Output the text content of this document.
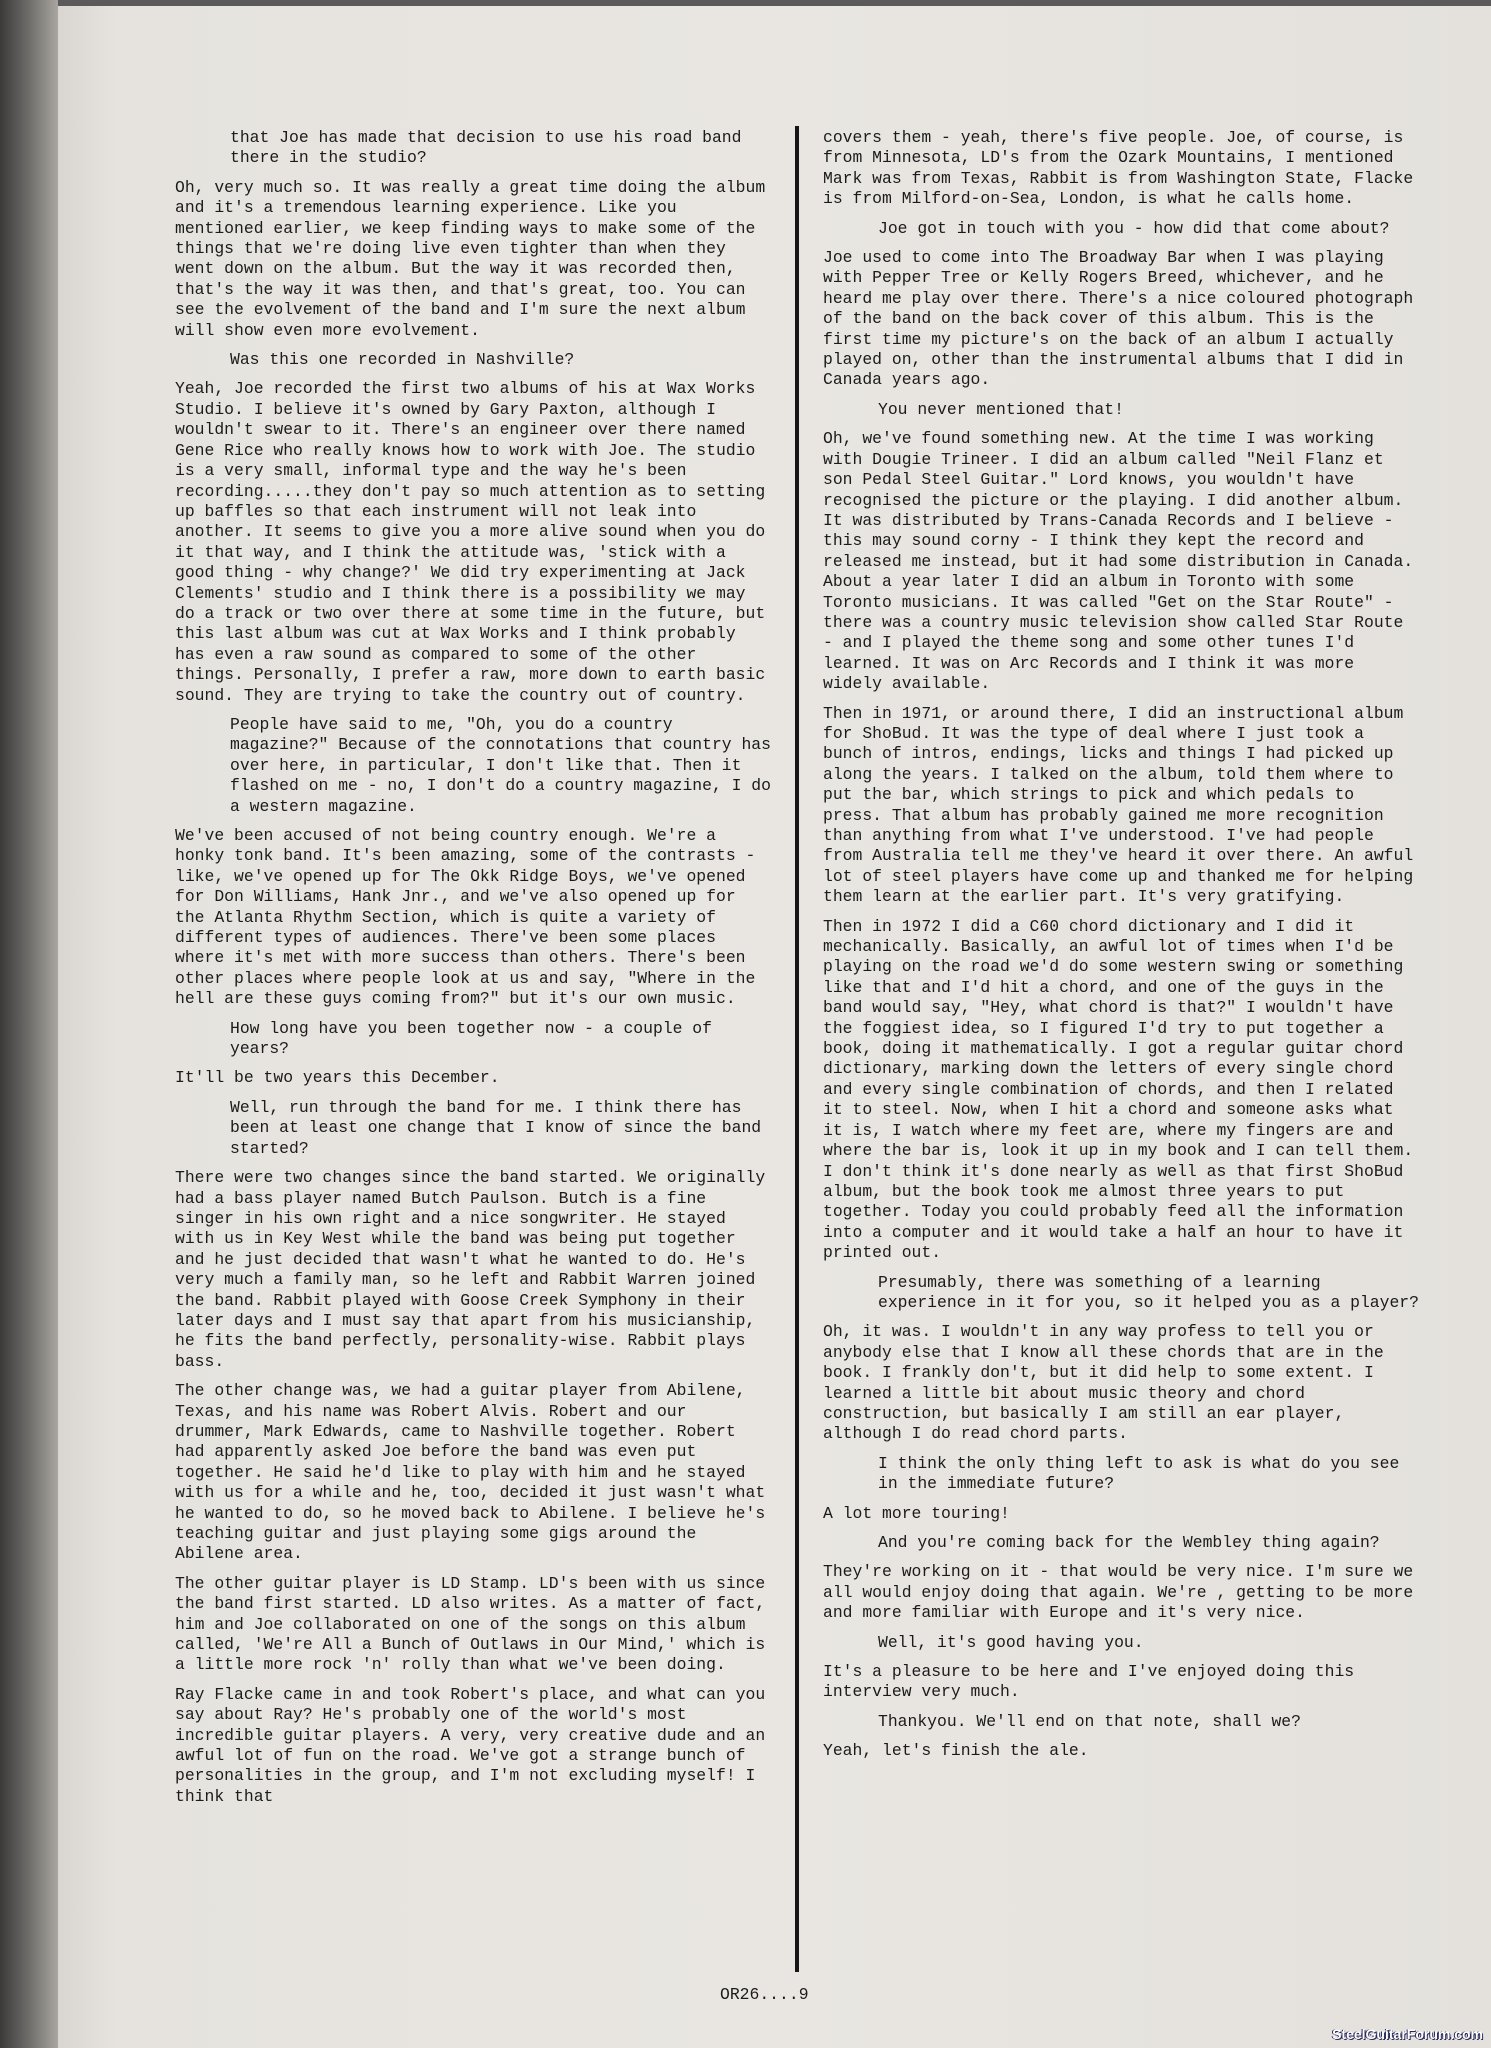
that Joe has made that decision to use his road band there in the studio?

Oh, very much so. It was really a great time doing the album and it's a tremendous learning experience. Like you mentioned earlier, we keep finding ways to make some of the things that we're doing live even tighter than when they went down on the album. But the way it was recorded then, that's the way it was then, and that's great, too. You can see the evolvement of the band and I'm sure the next album will show even more evolvement.

Was this one recorded in Nashville?

Yeah, Joe recorded the first two albums of his at Wax Works Studio. I believe it's owned by Gary Paxton, although I wouldn't swear to it. There's an engineer over there named Gene Rice who really knows how to work with Joe. The studio is a very small, informal type and the way he's been recording.....they don't pay so much attention as to setting up baffles so that each instrument will not leak into another. It seems to give you a more alive sound when you do it that way, and I think the attitude was, 'stick with a good thing - why change?' We did try experimenting at Jack Clements' studio and I think there is a possibility we may do a track or two over there at some time in the future, but this last album was cut at Wax Works and I think probably has even a raw sound as compared to some of the other things. Personally, I prefer a raw, more down to earth basic sound. They are trying to take the country out of country.

People have said to me, "Oh, you do a country magazine?" Because of the connotations that country has over here, in particular, I don't like that. Then it flashed on me - no, I don't do a country magazine, I do a western magazine.

We've been accused of not being country enough. We're a honky tonk band. It's been amazing, some of the contrasts - like, we've opened up for The Okk Ridge Boys, we've opened for Don Williams, Hank Jnr., and we've also opened up for the Atlanta Rhythm Section, which is quite a variety of different types of audiences. There've been some places where it's met with more success than others. There's been other places where people look at us and say, "Where in the hell are these guys coming from?" but it's our own music.

How long have you been together now - a couple of years?

It'll be two years this December.

Well, run through the band for me. I think there has been at least one change that I know of since the band started?

There were two changes since the band started. We originally had a bass player named Butch Paulson. Butch is a fine singer in his own right and a nice songwriter. He stayed with us in Key West while the band was being put together and he just decided that wasn't what he wanted to do. He's very much a family man, so he left and Rabbit Warren joined the band. Rabbit played with Goose Creek Symphony in their later days and I must say that apart from his musicianship, he fits the band perfectly, personality-wise. Rabbit plays bass.

The other change was, we had a guitar player from Abilene, Texas, and his name was Robert Alvis. Robert and our drummer, Mark Edwards, came to Nashville together. Robert had apparently asked Joe before the band was even put together. He said he'd like to play with him and he stayed with us for a while and he, too, decided it just wasn't what he wanted to do, so he moved back to Abilene. I believe he's teaching guitar and just playing some gigs around the Abilene area.

The other guitar player is LD Stamp. LD's been with us since the band first started. LD also writes. As a matter of fact, him and Joe collaborated on one of the songs on this album called, 'We're All a Bunch of Outlaws in Our Mind,' which is a little more rock 'n' rolly than what we've been doing.

Ray Flacke came in and took Robert's place, and what can you say about Ray? He's probably one of the world's most incredible guitar players. A very, very creative dude and an awful lot of fun on the road. We've got a strange bunch of personalities in the group, and I'm not excluding myself! I think that

covers them - yeah, there's five people. Joe, of course, is from Minnesota, LD's from the Ozark Mountains, I mentioned Mark was from Texas, Rabbit is from Washington State, Flacke is from Milford-on-Sea, London, is what he calls home.

Joe got in touch with you - how did that come about?

Joe used to come into The Broadway Bar when I was playing with Pepper Tree or Kelly Rogers Breed, whichever, and he heard me play over there. There's a nice coloured photograph of the band on the back cover of this album. This is the first time my picture's on the back of an album I actually played on, other than the instrumental albums that I did in Canada years ago.

You never mentioned that!

Oh, we've found something new. At the time I was working with Dougie Trineer. I did an album called "Neil Flanz et son Pedal Steel Guitar." Lord knows, you wouldn't have recognised the picture or the playing. I did another album. It was distributed by Trans-Canada Records and I believe - this may sound corny - I think they kept the record and released me instead, but it had some distribution in Canada. About a year later I did an album in Toronto with some Toronto musicians. It was called "Get on the Star Route" - there was a country music television show called Star Route - and I played the theme song and some other tunes I'd learned. It was on Arc Records and I think it was more widely available.

Then in 1971, or around there, I did an instructional album for ShoBud. It was the type of deal where I just took a bunch of intros, endings, licks and things I had picked up along the years. I talked on the album, told them where to put the bar, which strings to pick and which pedals to press. That album has probably gained me more recognition than anything from what I've understood. I've had people from Australia tell me they've heard it over there. An awful lot of steel players have come up and thanked me for helping them learn at the earlier part. It's very gratifying.

Then in 1972 I did a C60 chord dictionary and I did it mechanically. Basically, an awful lot of times when I'd be playing on the road we'd do some western swing or something like that and I'd hit a chord, and one of the guys in the band would say, "Hey, what chord is that?" I wouldn't have the foggiest idea, so I figured I'd try to put together a book, doing it mathematically. I got a regular guitar chord dictionary, marking down the letters of every single chord and every single combination of chords, and then I related it to steel. Now, when I hit a chord and someone asks what it is, I watch where my feet are, where my fingers are and where the bar is, look it up in my book and I can tell them. I don't think it's done nearly as well as that first ShoBud album, but the book took me almost three years to put together. Today you could probably feed all the information into a computer and it would take a half an hour to have it printed out.

Presumably, there was something of a learning experience in it for you, so it helped you as a player?

Oh, it was. I wouldn't in any way profess to tell you or anybody else that I know all these chords that are in the book. I frankly don't, but it did help to some extent. I learned a little bit about music theory and chord construction, but basically I am still an ear player, although I do read chord parts.

I think the only thing left to ask is what do you see in the immediate future?

A lot more touring!

And you're coming back for the Wembley thing again?

They're working on it - that would be very nice. I'm sure we all would enjoy doing that again. We're , getting to be more and more familiar with Europe and it's very nice.

Well, it's good having you.

It's a pleasure to be here and I've enjoyed doing this interview very much.

Thankyou. We'll end on that note, shall we?

Yeah, let's finish the ale.

OR26....9
SteelGuitarForum.com
